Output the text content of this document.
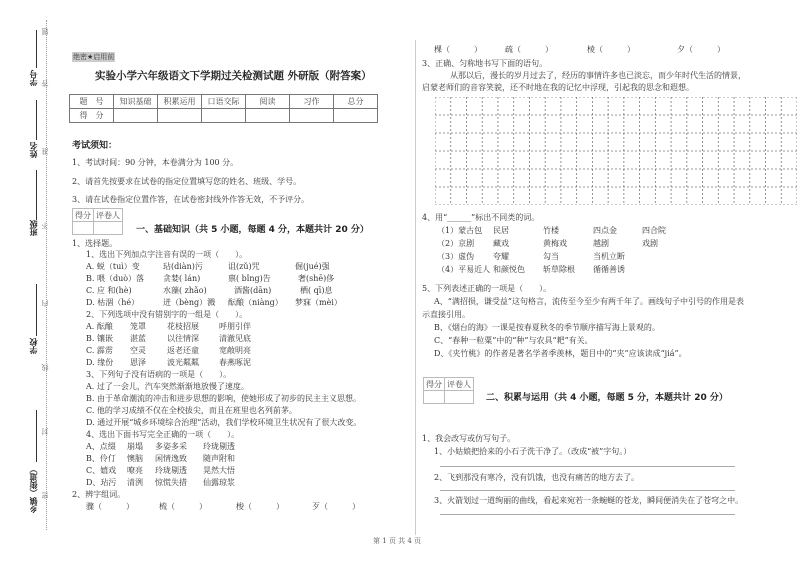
学号
姓名
班级
学校
乡镇（街道）
题
答
准
不
内
线
封
密
绝密★启用前
实验小学六年级语文下学期过关检测试题 外研版（附答案）
题　号	知识基础	积累运用	口语交际	阅读	习作	总分
得　分						
考试须知：
1、考试时间：90 分钟，本卷满分为 100 分。
2、请首先按要求在试卷的指定位置填写您的姓名、班级、学号。
3、请在试卷指定位置作答，在试卷密封线外作答无效，不予评分。
得分	评卷人

一、基础知识（共 5 小题，每题 4 分，本题共计 20 分）
1、选择题。
1、选出下列加点字注音有误的一项（　　）。
A. 蜕（tuì）变	玷(diàn)污	诅(zǔ)咒	倔(jué)强
B. 喂（duò）落 贪婪( lán)	禀( bǐng)告	奢(shē)侈
C. 应 和(hè)	水藻( zhǎo)	酒酱(dān)	栖( qī)息
D. 枯涸（hé）	迸（bèng）溅 酝酿（niàng） 梦寐（mèi）
2、下列选项中没有错别字的一组是（　　）。
A. 酝酿 笼罩	花枝招展	呼朋引伴
B. 镶嵌 湛蓝	以往情深	清澈见底
C. 霹雳 空灵	返老还童	宽敞明亮
D. 缘份 恩泽	波光粼粼	春燕啄泥
3、下列句子没有语病的一项是（　　）。
A. 过了一会儿，汽车突然渐渐地放慢了速度。
B. 由于革命潮流的冲击和进步思想的影响，使她形成了初步的民主主义思想。
C. 他的学习成绩不仅在全校拔尖，而且在班里也名列前茅。
D. 通过开展“城乡环境综合治理”活动，我们学校环境卫生状况有了很大改变。
4、选出下面书写完全正确的一项（　　）。
A、点缀 崩塌 多姿多采 玲珑剔透
B、伶仃 懊脑 闲情逸致 随声附和
C、嬉戏 嘹亮 玲珑剔透 晃然大悟
D、玷污 清洌 惊慌失措 仙露琼浆
2、辨字组词。
骤（　　　）	梳（　　　）	梭（　　　）	歹（　　　）
棵（　　　）	疏（　　　）	棱（　　　）	夕（　　　）
3、正确、匀称地书写下面的语句。
从那以后，漫长的岁月过去了，经历的事情许多也已淡忘，而少年时代生活的情景，
启蒙老师们的音容笑貌，还不时地在我的记忆中浮现，引起我的思念和遐想。
4、用“______”标出不同类的词。
（1）蒙古包 民居	竹楼	四点金	四合院
（2）京剧 藏戏	黄梅戏	越剧	戏剧
（3）虚伪 夸耀	勾当	当机立断
（4）平易近人 和颜悦色 斩草除根 循循善诱
5、下列表述正确的一项是（　　）。
A、“满招损，谦受益”这句格言，流传至今至少有两千年了。画线句子中引号的作用是表
示直接引用。
B、《烟台的海》一课是按春夏秋冬的季节顺序描写海上景观的。
C、“春种一粒粟”中的“种”与农具“耙”有关。
D、《夹竹桃》的作者是著名学者季羡林，题目中的“夹”应该读成“jiá”。
得分	评卷人

二、积累与运用（共 4 小题，每题 5 分，本题共计 20 分）
1、我会改写或仿写句子。
1、小姑娘把拾来的小石子洗干净了。（改成“被”字句。）
2、飞到那没有寒冷，没有饥饿，也没有痛苦的地方去了。
3、火箭划过一道绚丽的曲线，看起来宛若一条蜿蜒的苍龙，瞬间便消失在了苍穹之中。
第 1 页 共 4 页
